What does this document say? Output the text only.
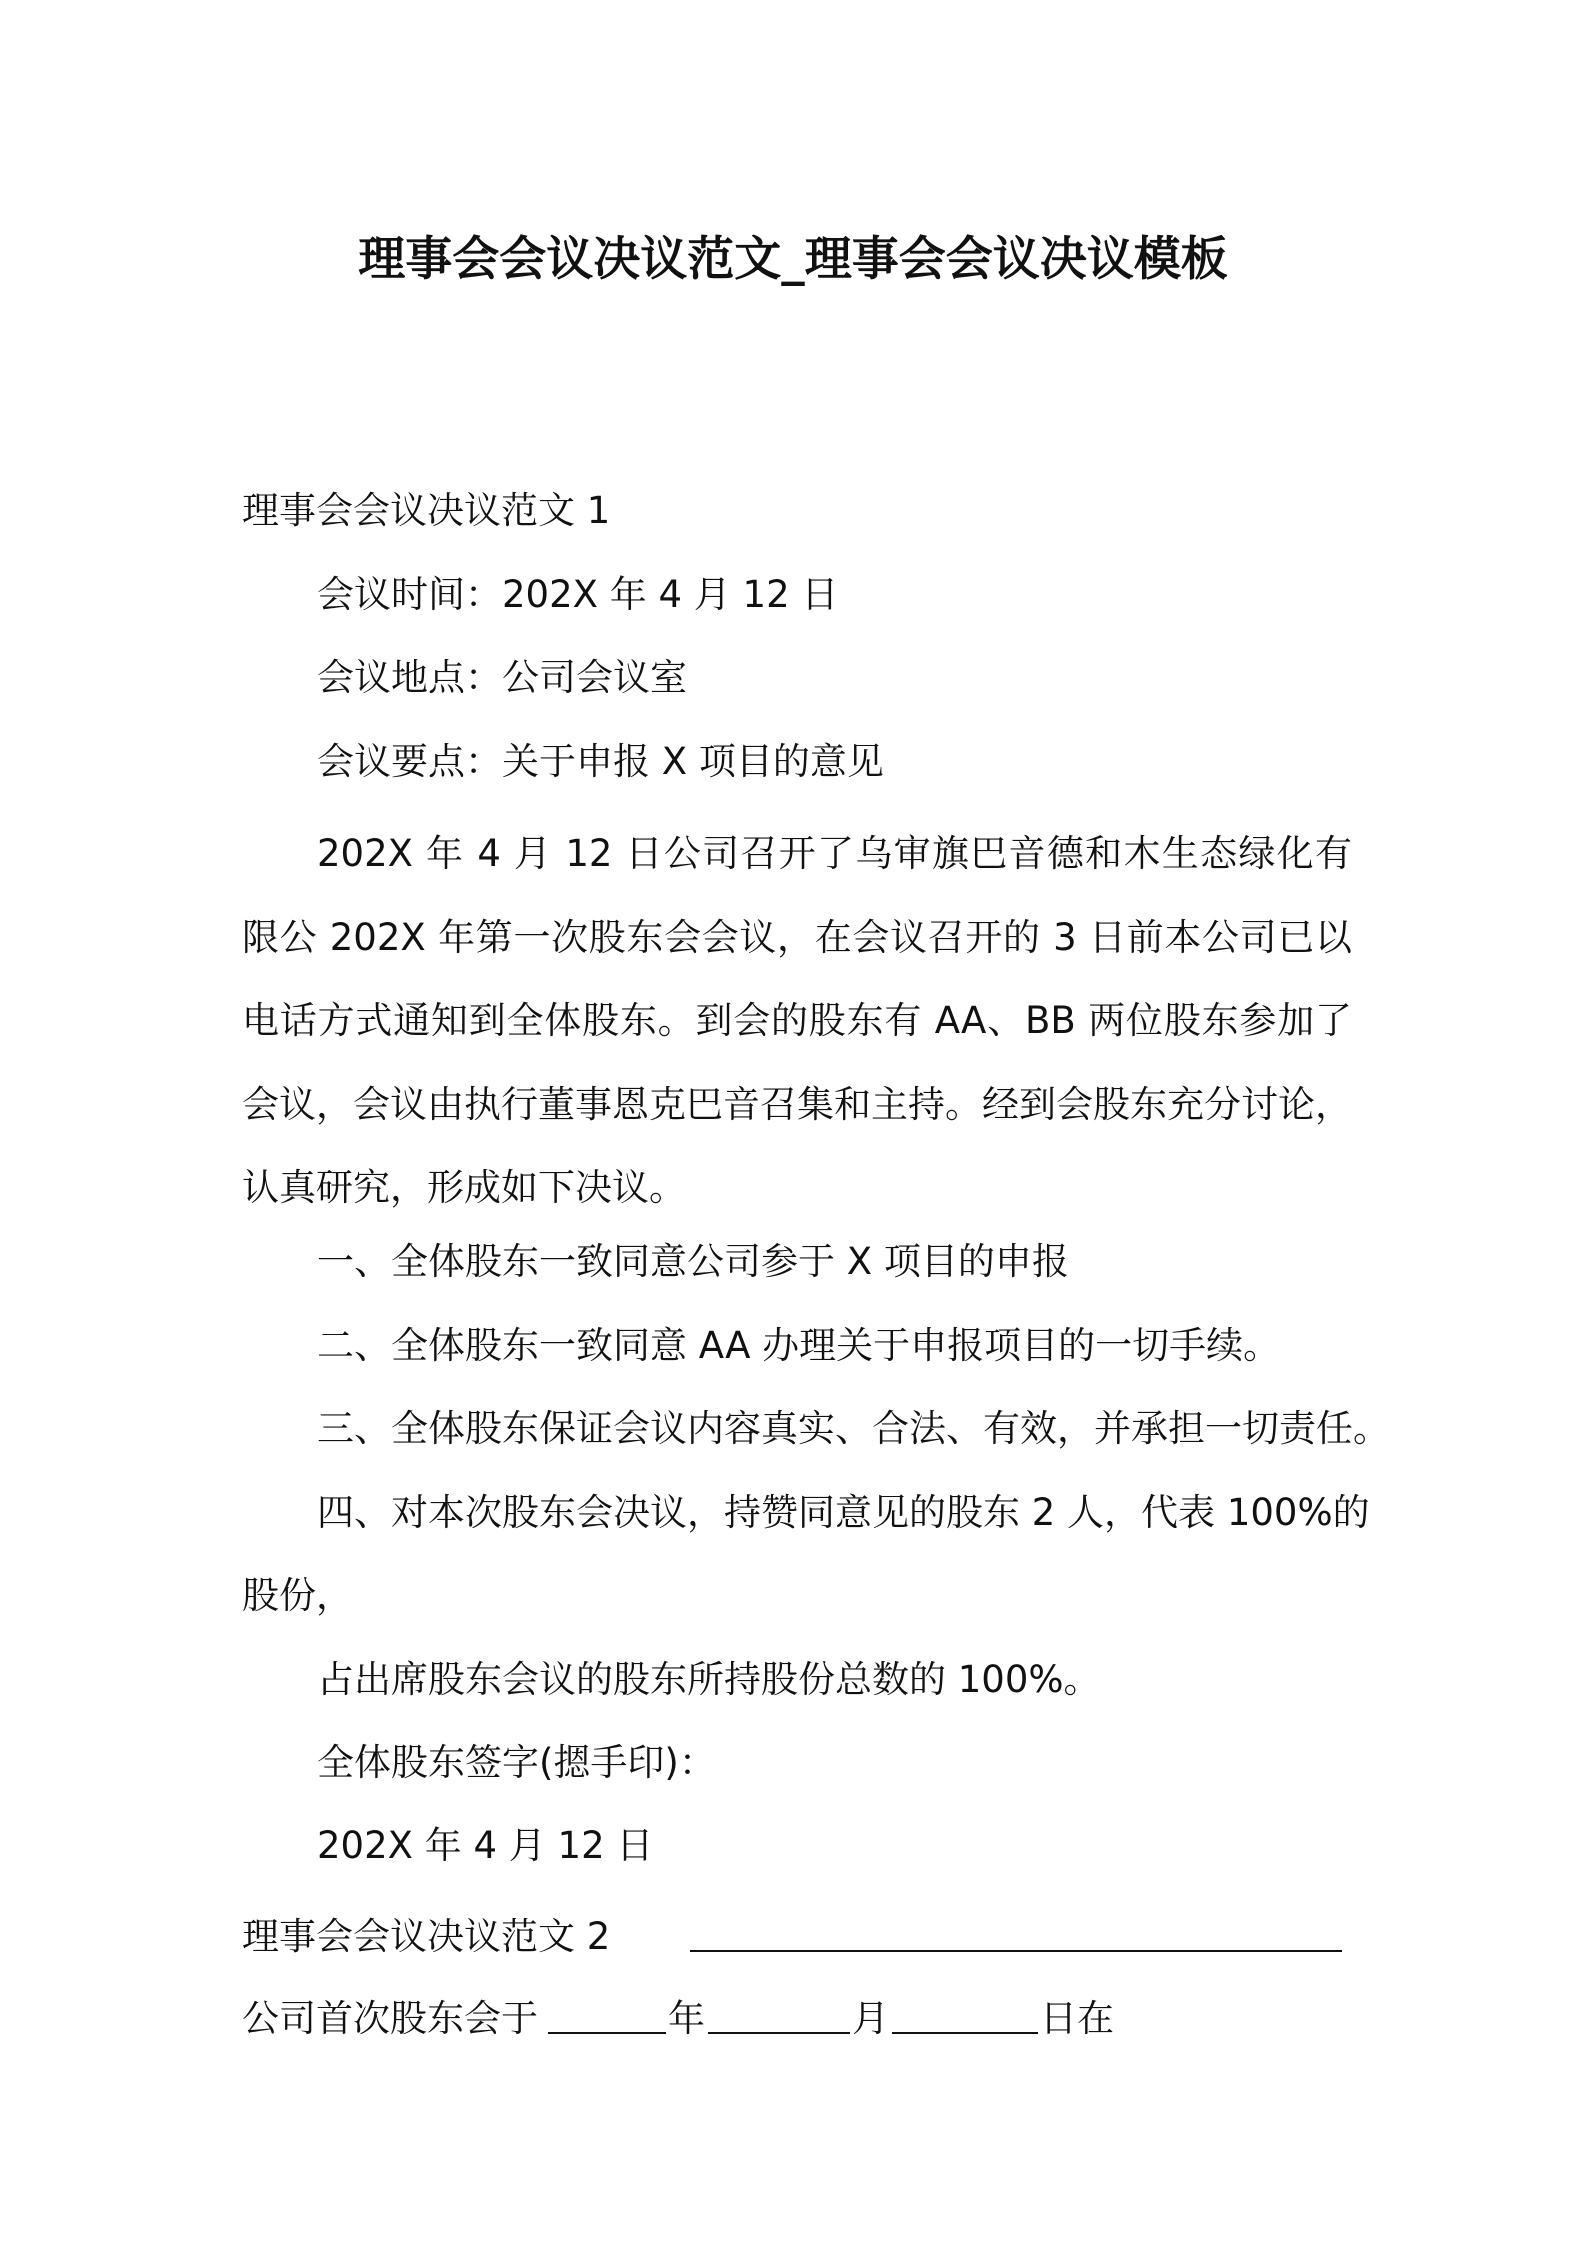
理事会会议决议范文_理事会会议决议模板
理事会会议决议范文 1
会议时间：202X 年 4 月 12 日
会议地点：公司会议室
会议要点：关于申报 X 项目的意见
202X 年 4 月 12 日公司召开了乌审旗巴音德和木生态绿化有限公 202X 年第一次股东会会议，在会议召开的 3 日前本公司已以电话方式通知到全体股东。到会的股东有 AA、BB 两位股东参加了会议，会议由执行董事恩克巴音召集和主持。经到会股东充分讨论，认真研究，形成如下决议。
一、全体股东一致同意公司参于 X 项目的申报
二、全体股东一致同意 AA 办理关于申报项目的一切手续。
三、全体股东保证会议内容真实、合法、有效，并承担一切责任。
四、对本次股东会决议，持赞同意见的股东 2 人，代表 100%的
股份，
占出席股东会议的股东所持股份总数的 100%。
全体股东签字(摁手印)：
202X 年 4 月 12 日
理事会会议决议范文 2
公司首次股东会于	年	月	日在
